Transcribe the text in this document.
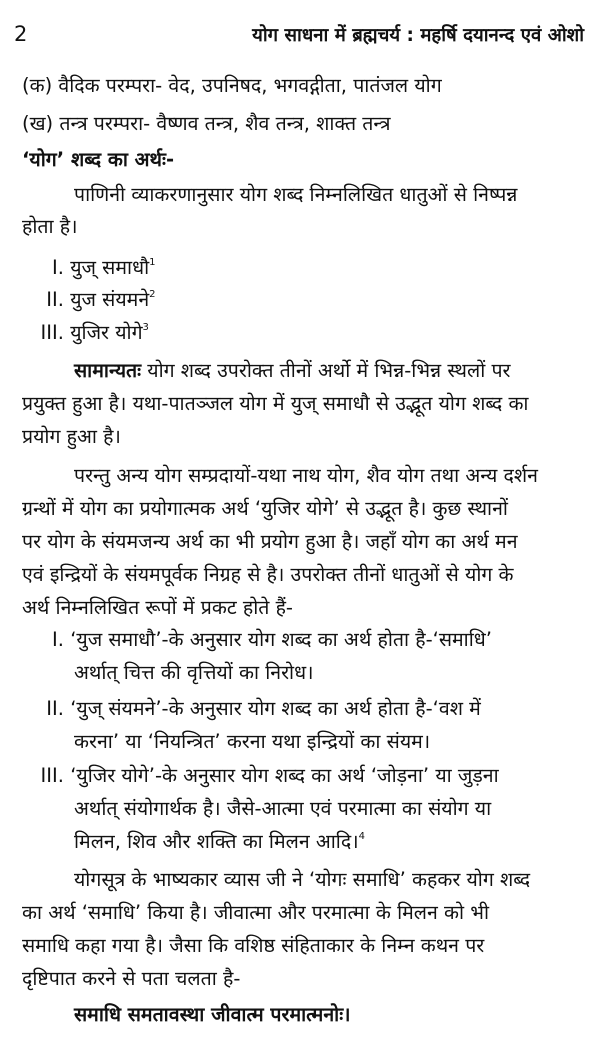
2	योग साधना में ब्रह्मचर्य : महर्षि दयानन्द एवं ओशो
(क) वैदिक परम्परा- वेद, उपनिषद, भगवद्गीता, पातंजल योग
(ख) तन्त्र परम्परा- वैष्णव तन्त्र, शैव तन्त्र, शाक्त तन्त्र
‘योग’ शब्द का अर्थः-
पाणिनी व्याकरणानुसार योग शब्द निम्नलिखित धातुओं से निष्पन्न
होता है।
I. युज् समाधौ$^1$
II. युज संयमने$^2$
III. युजिर योगे$^3$
सामान्यतः योग शब्द उपरोक्त तीनों अर्थो में भिन्न-भिन्न स्थलों पर
प्रयुक्त हुआ है। यथा-पातञ्जल योग में युज् समाधौ से उद्भूत योग शब्द का
प्रयोग हुआ है।
परन्तु अन्य योग सम्प्रदायों-यथा नाथ योग, शैव योग तथा अन्य दर्शन
ग्रन्थों में योग का प्रयोगात्मक अर्थ ‘युजिर योगे’ से उद्भूत है। कुछ स्थानों
पर योग के संयमजन्य अर्थ का भी प्रयोग हुआ है। जहाँ योग का अर्थ मन
एवं इन्द्रियों के संयमपूर्वक निग्रह से है। उपरोक्त तीनों धातुओं से योग के
अर्थ निम्नलिखित रूपों में प्रकट होते हैं-
I. ‘युज समाधौ’-के अनुसार योग शब्द का अर्थ होता है-‘समाधि’
अर्थात् चित्त की वृत्तियों का निरोध।
II. ‘युज् संयमने’-के अनुसार योग शब्द का अर्थ होता है-‘वश में
करना’ या ‘नियन्त्रित’ करना यथा इन्द्रियों का संयम।
III. ‘युजिर योगे’-के अनुसार योग शब्द का अर्थ ‘जोड़ना’ या जुड़ना
अर्थात् संयोगार्थक है। जैसे-आत्मा एवं परमात्मा का संयोग या
मिलन, शिव और शक्ति का मिलन आदि।$^4$
योगसूत्र के भाष्यकार व्यास जी ने ‘योगः समाधि’ कहकर योग शब्द
का अर्थ ‘समाधि’ किया है। जीवात्मा और परमात्मा के मिलन को भी
समाधि कहा गया है। जैसा कि वशिष्ठ संहिताकार के निम्न कथन पर
दृष्टिपात करने से पता चलता है-
समाधि समतावस्था जीवात्म परमात्मनोः।
